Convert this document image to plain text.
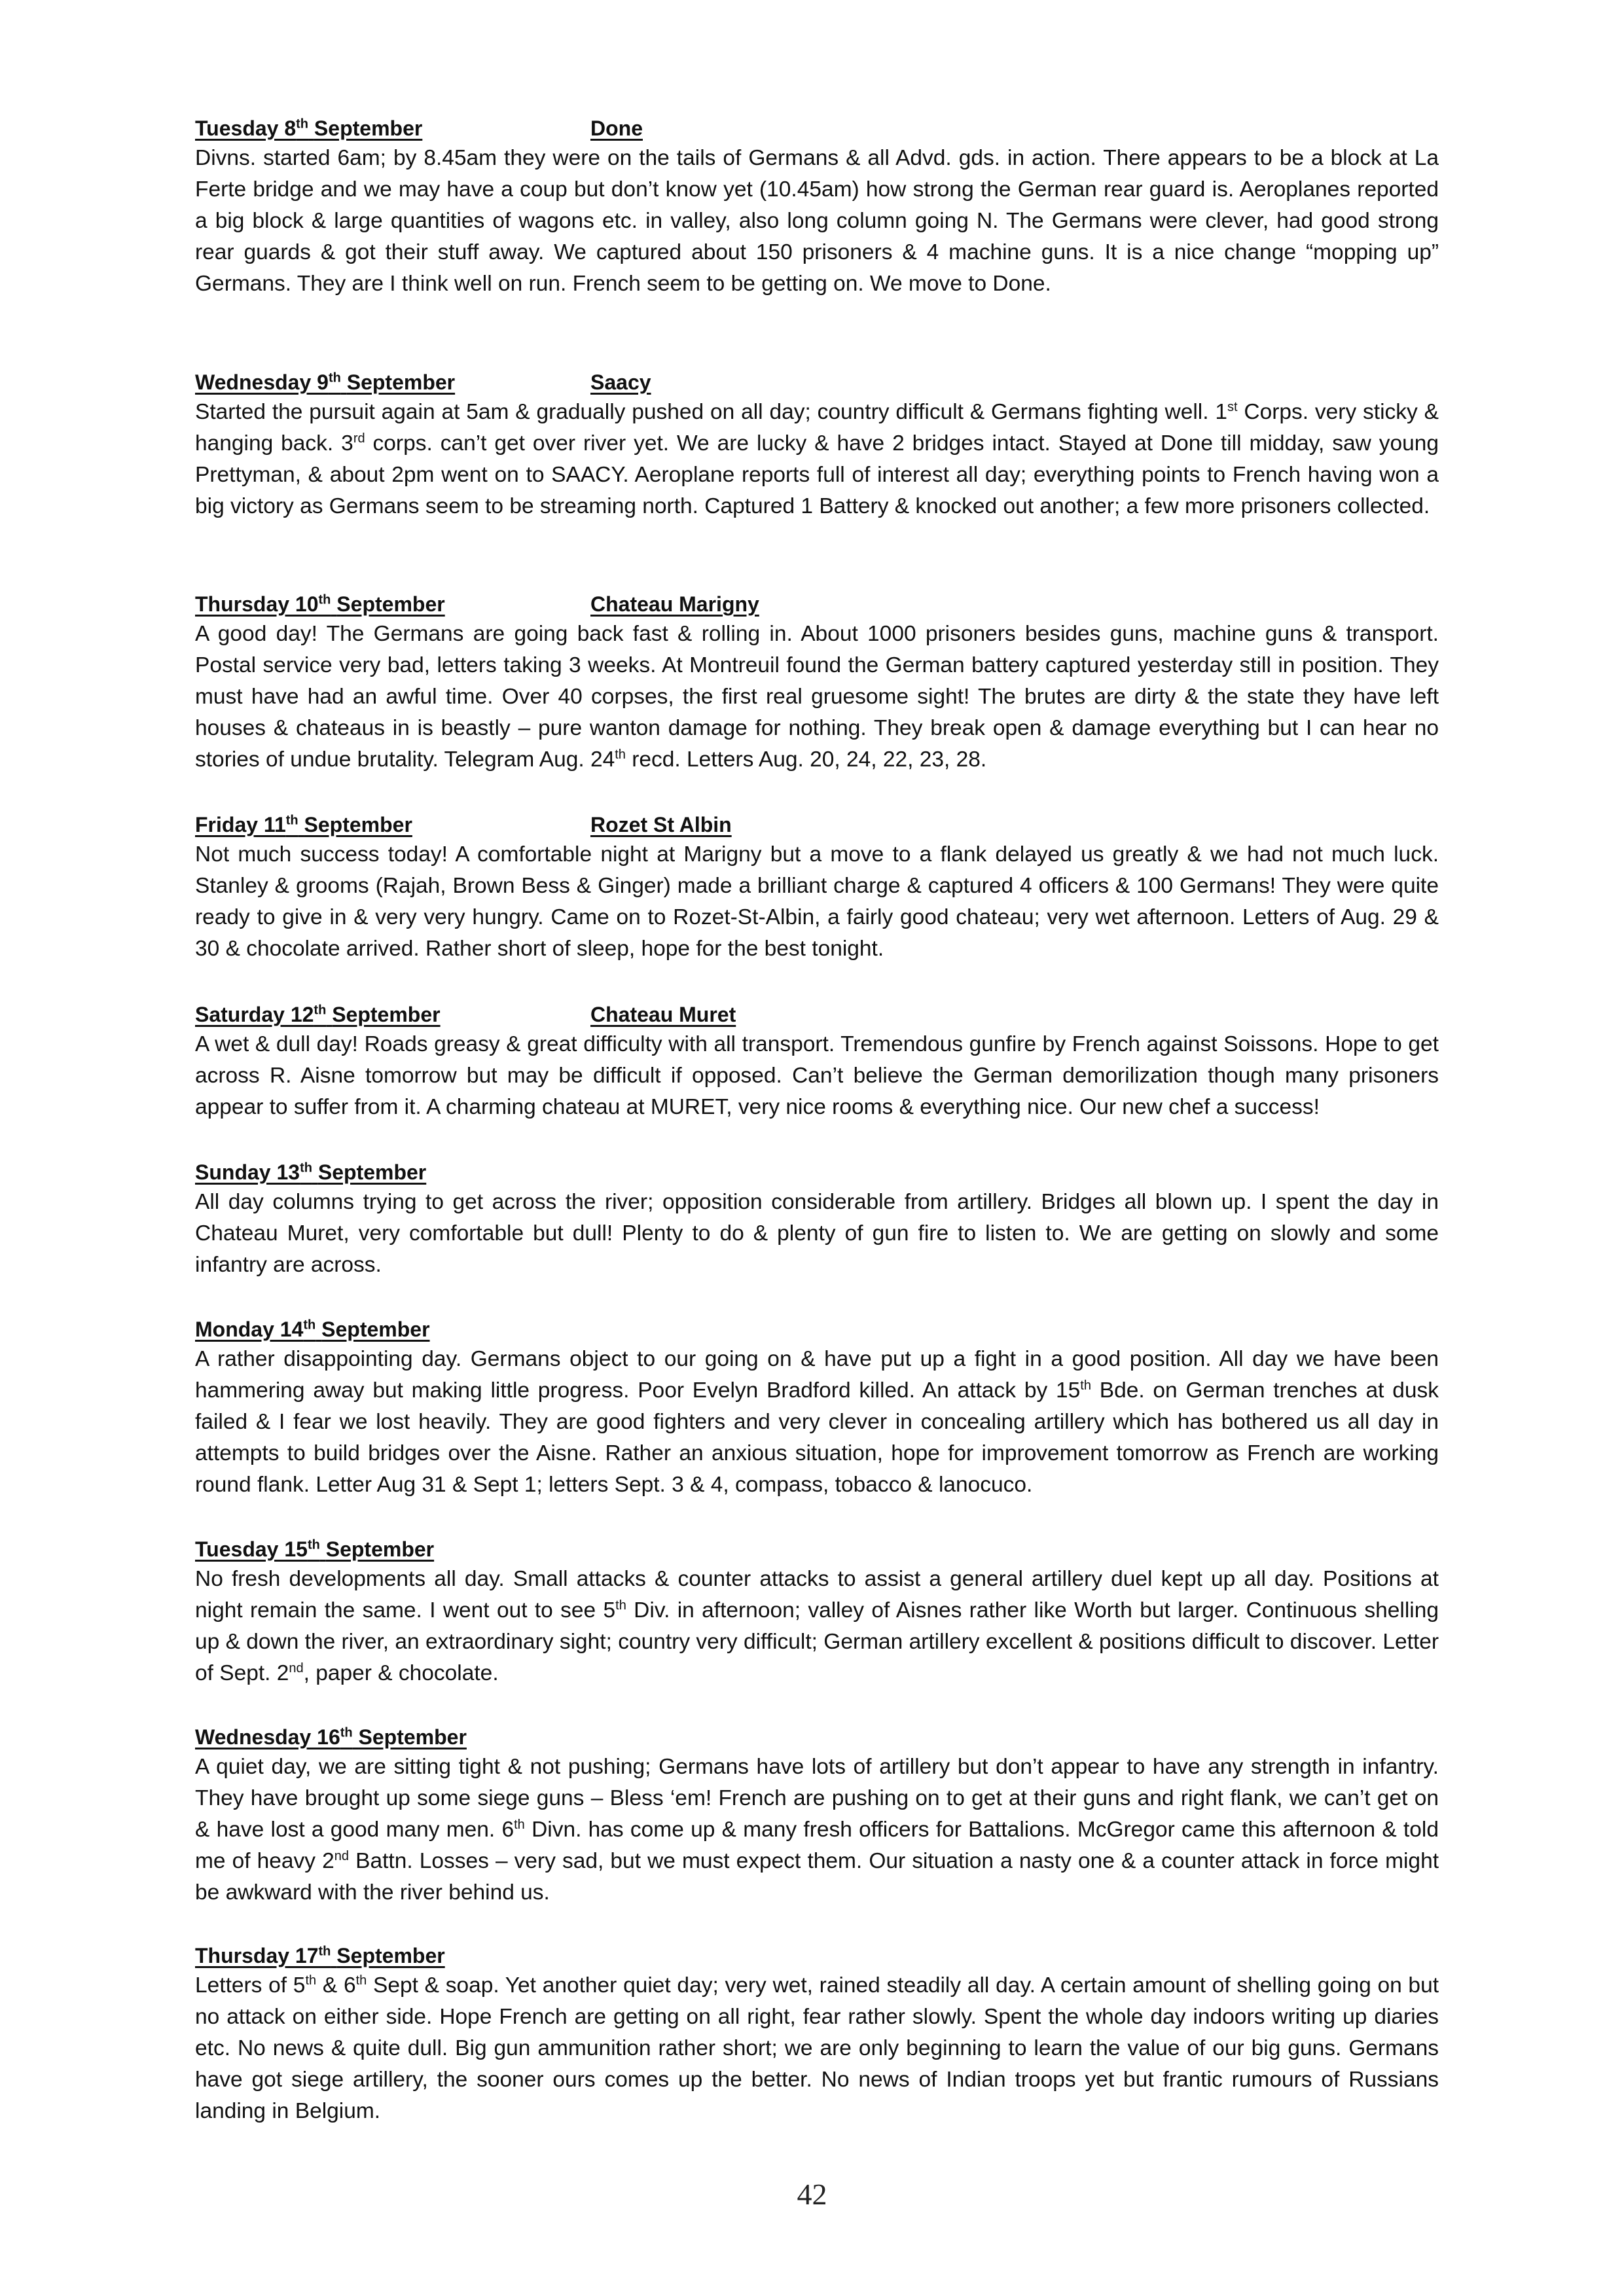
Tuesday 8th September	Done
Divns. started 6am; by 8.45am they were on the tails of Germans & all Advd. gds. in action. There appears to be a block at La Ferte bridge and we may have a coup but don’t know yet (10.45am) how strong the German rear guard is. Aeroplanes reported a big block & large quantities of wagons etc. in valley, also long column going N. The Germans were clever, had good strong rear guards & got their stuff away. We captured about 150 prisoners & 4 machine guns. It is a nice change “mopping up” Germans. They are I think well on run. French seem to be getting on. We move to Done.
Wednesday 9th September	Saacy
Started the pursuit again at 5am & gradually pushed on all day; country difficult & Germans fighting well. 1st Corps. very sticky & hanging back. 3rd corps. can’t get over river yet. We are lucky & have 2 bridges intact. Stayed at Done till midday, saw young Prettyman, & about 2pm went on to SAACY. Aeroplane reports full of interest all day; everything points to French having won a big victory as Germans seem to be streaming north. Captured 1 Battery & knocked out another; a few more prisoners collected.
Thursday 10th September	Chateau Marigny
A good day! The Germans are going back fast & rolling in. About 1000 prisoners besides guns, machine guns & transport. Postal service very bad, letters taking 3 weeks. At Montreuil found the German battery captured yesterday still in position. They must have had an awful time. Over 40 corpses, the first real gruesome sight! The brutes are dirty & the state they have left houses & chateaus in is beastly – pure wanton damage for nothing. They break open & damage everything but I can hear no stories of undue brutality. Telegram Aug. 24th recd. Letters Aug. 20, 24, 22, 23, 28.
Friday 11th September	Rozet St Albin
Not much success today! A comfortable night at Marigny but a move to a flank delayed us greatly & we had not much luck. Stanley & grooms (Rajah, Brown Bess & Ginger) made a brilliant charge & captured 4 officers & 100 Germans! They were quite ready to give in & very very hungry. Came on to Rozet-St-Albin, a fairly good chateau; very wet afternoon. Letters of Aug. 29 & 30 & chocolate arrived. Rather short of sleep, hope for the best tonight.
Saturday 12th September	Chateau Muret
A wet & dull day! Roads greasy & great difficulty with all transport. Tremendous gunfire by French against Soissons. Hope to get across R. Aisne tomorrow but may be difficult if opposed. Can’t believe the German demorilization though many prisoners appear to suffer from it. A charming chateau at MURET, very nice rooms & everything nice. Our new chef a success!
Sunday 13th September
All day columns trying to get across the river; opposition considerable from artillery. Bridges all blown up. I spent the day in Chateau Muret, very comfortable but dull! Plenty to do & plenty of gun fire to listen to. We are getting on slowly and some infantry are across.
Monday 14th September
A rather disappointing day. Germans object to our going on & have put up a fight in a good position. All day we have been hammering away but making little progress. Poor Evelyn Bradford killed. An attack by 15th Bde. on German trenches at dusk failed & I fear we lost heavily. They are good fighters and very clever in concealing artillery which has bothered us all day in attempts to build bridges over the Aisne. Rather an anxious situation, hope for improvement tomorrow as French are working round flank. Letter Aug 31 & Sept 1; letters Sept. 3 & 4, compass, tobacco & lanocuco.
Tuesday 15th September
No fresh developments all day. Small attacks & counter attacks to assist a general artillery duel kept up all day. Positions at night remain the same. I went out to see 5th Div. in afternoon; valley of Aisnes rather like Worth but larger. Continuous shelling up & down the river, an extraordinary sight; country very difficult; German artillery excellent & positions difficult to discover. Letter of Sept. 2nd, paper & chocolate.
Wednesday 16th September
A quiet day, we are sitting tight & not pushing; Germans have lots of artillery but don’t appear to have any strength in infantry. They have brought up some siege guns – Bless ‘em! French are pushing on to get at their guns and right flank, we can’t get on & have lost a good many men. 6th Divn. has come up & many fresh officers for Battalions. McGregor came this afternoon & told me of heavy 2nd Battn. Losses – very sad, but we must expect them. Our situation a nasty one & a counter attack in force might be awkward with the river behind us.
Thursday 17th September
Letters of 5th & 6th Sept & soap. Yet another quiet day; very wet, rained steadily all day. A certain amount of shelling going on but no attack on either side. Hope French are getting on all right, fear rather slowly. Spent the whole day indoors writing up diaries etc. No news & quite dull. Big gun ammunition rather short; we are only beginning to learn the value of our big guns. Germans have got siege artillery, the sooner ours comes up the better. No news of Indian troops yet but frantic rumours of Russians landing in Belgium.
42
